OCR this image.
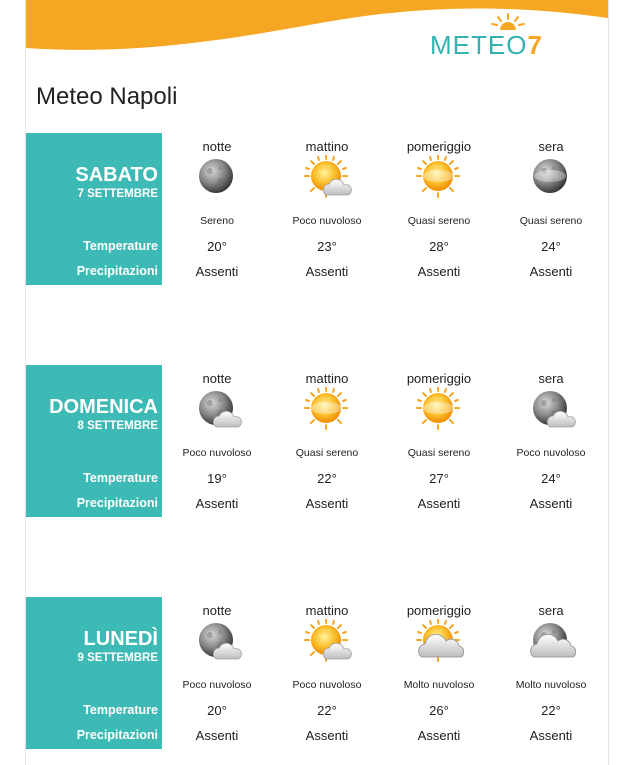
METEO7
Meteo Napoli
SABATO
7 SETTEMBRE
Temperature
Precipitazioni
notte
Sereno
20°
Assenti
mattino
Poco nuvoloso
23°
Assenti
pomeriggio
Quasi sereno
28°
Assenti
sera
Quasi sereno
24°
Assenti
DOMENICA
8 SETTEMBRE
Temperature
Precipitazioni
notte
Poco nuvoloso
19°
Assenti
mattino
Quasi sereno
22°
Assenti
pomeriggio
Quasi sereno
27°
Assenti
sera
Poco nuvoloso
24°
Assenti
LUNEDÌ
9 SETTEMBRE
Temperature
Precipitazioni
notte
Poco nuvoloso
20°
Assenti
mattino
Poco nuvoloso
22°
Assenti
pomeriggio
Molto nuvoloso
26°
Assenti
sera
Molto nuvoloso
22°
Assenti
